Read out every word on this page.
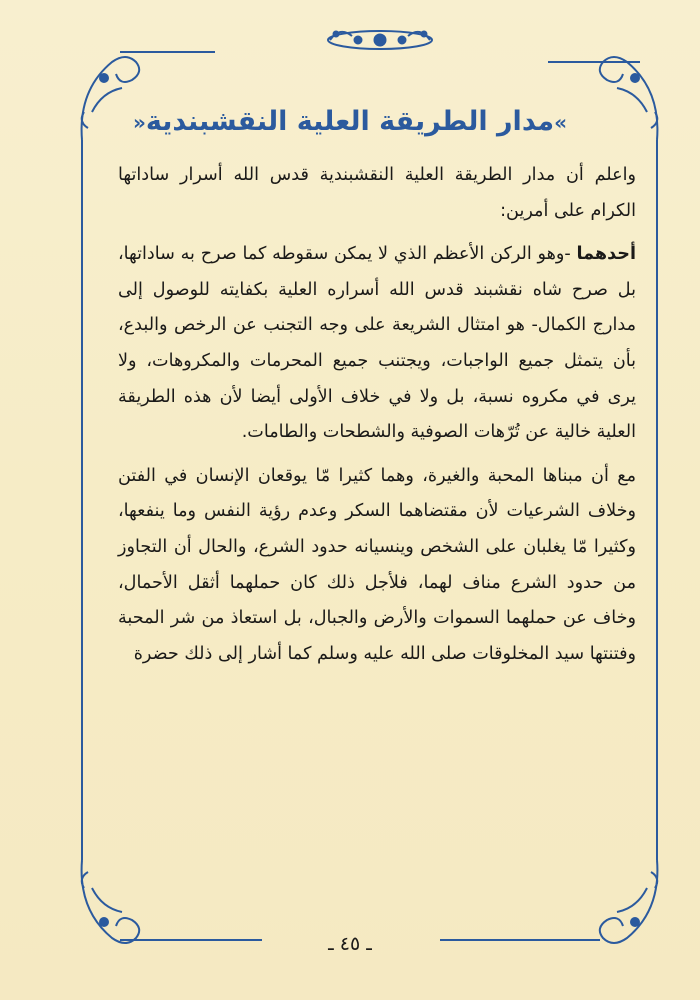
»مدار الطريقة العلية النقشبندية«

واعلم أن مدار الطريقة العلية النقشبندية قدس الله أسرار ساداتها الكرام على أمرين:

أحدهما -وهو الركن الأعظم الذي لا يمكن سقوطه كما صرح به ساداتها، بل صرح شاه نقشبند قدس الله أسراره العلية بكفايته للوصول إلى مدارج الكمال- هو امتثال الشريعة على وجه التجنب عن الرخص والبدع، بأن يتمثل جميع الواجبات، ويجتنب جميع المحرمات والمكروهات، ولا يرى في مكروه نسبة، بل ولا في خلاف الأولى أيضا لأن هذه الطريقة العلية خالية عن تُرّهات الصوفية والشطحات والطامات.

مع أن مبناها المحبة والغيرة، وهما كثيرا مّا يوقعان الإنسان في الفتن وخلاف الشرعيات لأن مقتضاهما السكر وعدم رؤية النفس وما ينفعها، وكثيرا مّا يغلبان على الشخص وينسيانه حدود الشرع، والحال أن التجاوز من حدود الشرع مناف لهما، فلأجل ذلك كان حملهما أثقل الأحمال، وخاف عن حملهما السموات والأرض والجبال، بل استعاذ من شر المحبة وفتنتها سيد المخلوقات صلى الله عليه وسلم كما أشار إلى ذلك حضرة

ـ ٤٥ ـ
